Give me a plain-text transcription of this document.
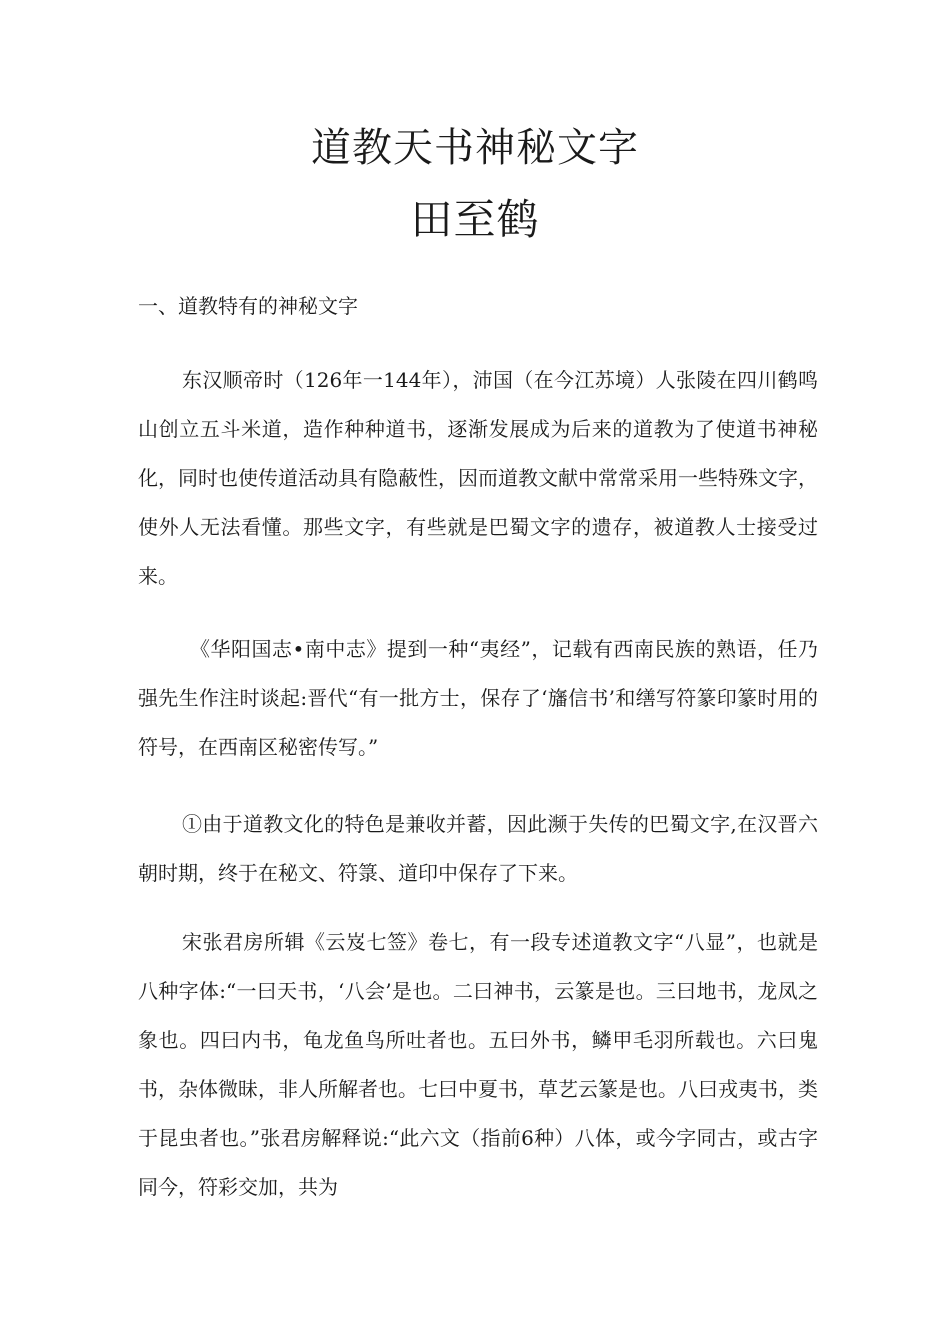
道教天书神秘文字
田至鹤
一、道教特有的神秘文字

东汉顺帝时（126年一144年），沛国（在今江苏境）人张陵在四川鹤鸣山创立五斗米道，造作种种道书，逐渐发展成为后来的道教为了使道书神秘化，同时也使传道活动具有隐蔽性，因而道教文献中常常采用一些特殊文字，使外人无法看懂。那些文字，有些就是巴蜀文字的遗存，被道教人士接受过来。

《华阳国志•南中志》提到一种“夷经”，记载有西南民族的熟语，任乃强先生作注时谈起:晋代“有一批方士，保存了‘旛信书’和缮写符篆印篆时用的符号，在西南区秘密传写。”

①由于道教文化的特色是兼收并蓄，因此濒于失传的巴蜀文字,在汉晋六朝时期，终于在秘文、符箓、道印中保存了下来。

宋张君房所辑《云岌七签》卷七，有一段专述道教文字“八显”，也就是八种字体:“一曰天书，‘八会’是也。二曰神书，云篆是也。三曰地书，龙凤之象也。四曰内书，龟龙鱼鸟所吐者也。五曰外书，鳞甲毛羽所载也。六曰鬼书，杂体微昧，非人所解者也。七曰中夏书，草艺云篆是也。八曰戎夷书，类于昆虫者也。”张君房解释说:“此六文（指前6种）八体，或今字同古，或古字同今，符彩交加，共为
